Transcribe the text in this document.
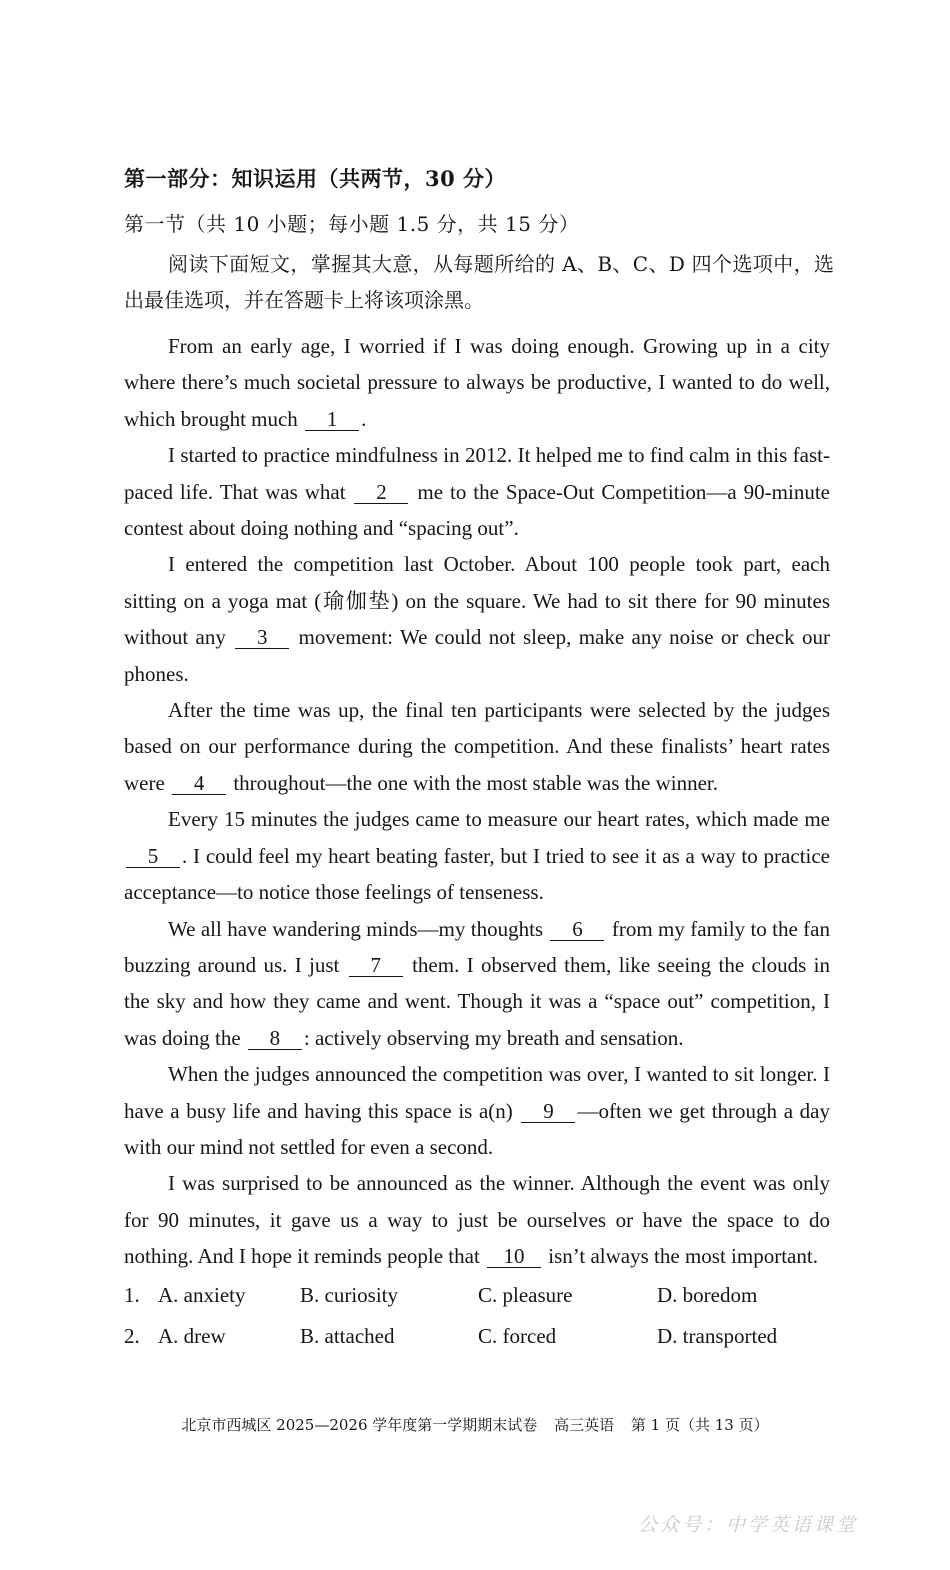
第一部分：知识运用（共两节，30 分）
第一节（共 10 小题；每小题 1.5 分，共 15 分）
阅读下面短文，掌握其大意，从每题所给的 A、B、C、D 四个选项中，选出最佳选项，并在答题卡上将该项涂黑。

From an early age, I worried if I was doing enough. Growing up in a city where there’s much societal pressure to always be productive, I wanted to do well, which brought much 1 .

I started to practice mindfulness in 2012. It helped me to find calm in this fast-paced life. That was what 2 me to the Space-Out Competition—a 90-minute contest about doing nothing and “spacing out”.

I entered the competition last October. About 100 people took part, each sitting on a yoga mat (瑜伽垫) on the square. We had to sit there for 90 minutes without any 3 movement: We could not sleep, make any noise or check our phones.

After the time was up, the final ten participants were selected by the judges based on our performance during the competition. And these finalists’ heart rates were 4 throughout—the one with the most stable was the winner.

Every 15 minutes the judges came to measure our heart rates, which made me 5 . I could feel my heart beating faster, but I tried to see it as a way to practice acceptance—to notice those feelings of tenseness.

We all have wandering minds—my thoughts 6 from my family to the fan buzzing around us. I just 7 them. I observed them, like seeing the clouds in the sky and how they came and went. Though it was a “space out” competition, I was doing the 8 : actively observing my breath and sensation.

When the judges announced the competition was over, I wanted to sit longer. I have a busy life and having this space is a(n) 9 —often we get through a day with our mind not settled for even a second.

I was surprised to be announced as the winner. Although the event was only for 90 minutes, it gave us a way to just be ourselves or have the space to do nothing. And I hope it reminds people that 10 isn’t always the most important.

1. A. anxiety	B. curiosity	C. pleasure	D. boredom
2. A. drew	B. attached	C. forced	D. transported
北京市西城区 2025—2026 学年度第一学期期末试卷 高三英语 第 1 页（共 13 页）
公众号：中学英语课堂
